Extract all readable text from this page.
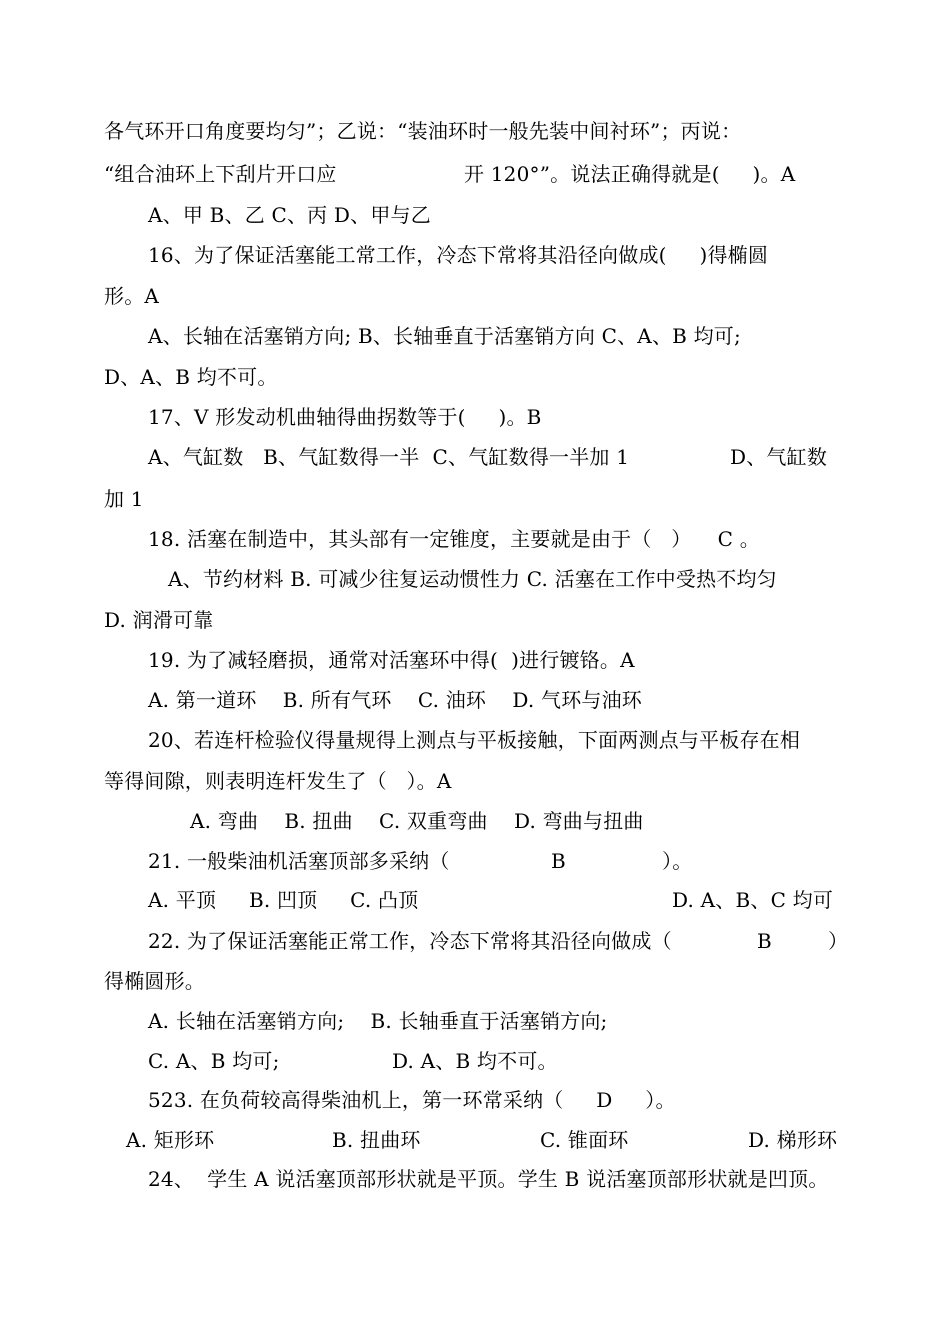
各气环开口角度要均匀”；乙说：“装油环时一般先装中间衬环”；丙说：
“组合油环上下刮片开口应	开 120°”。说法正确得就是(     )。A
A、甲 B、乙 C、丙 D、甲与乙
16、为了保证活塞能工常工作，冷态下常将其沿径向做成(     )得椭圆
形。A
A、长轴在活塞销方向; B、长轴垂直于活塞销方向 C、A、B 均可;
D、A、B 均不可。
17、V 形发动机曲轴得曲拐数等于(     )。B
A、气缸数   B、气缸数得一半  C、气缸数得一半加 1	D、气缸数
加 1
18. 活塞在制造中，其头部有一定锥度，主要就是由于（   ）    C 。
A、节约材料 B. 可减少往复运动惯性力 C. 活塞在工作中受热不均匀
D. 润滑可靠
19. 为了减轻磨损，通常对活塞环中得(  )进行镀铬。A
A. 第一道环    B. 所有气环    C. 油环    D. 气环与油环
20、若连杆检验仪得量规得上测点与平板接触，下面两测点与平板存在相
等得间隙，则表明连杆发生了（   ）。A
A. 弯曲    B. 扭曲    C. 双重弯曲    D. 弯曲与扭曲
21. 一般柴油机活塞顶部多采纳（	B	）。
A. 平顶     B. 凹顶     C. 凸顶	D. A、B、C 均可
22. 为了保证活塞能正常工作，冷态下常将其沿径向做成（	B	）
得椭圆形。
A. 长轴在活塞销方向;    B. 长轴垂直于活塞销方向;
C. A、B 均可;	D. A、B 均不可。
523. 在负荷较高得柴油机上，第一环常采纳（     D     ）。
A. 矩形环	B. 扭曲环	C. 锥面环	D. 梯形环
24、  学生 A 说活塞顶部形状就是平顶。学生 B 说活塞顶部形状就是凹顶。
